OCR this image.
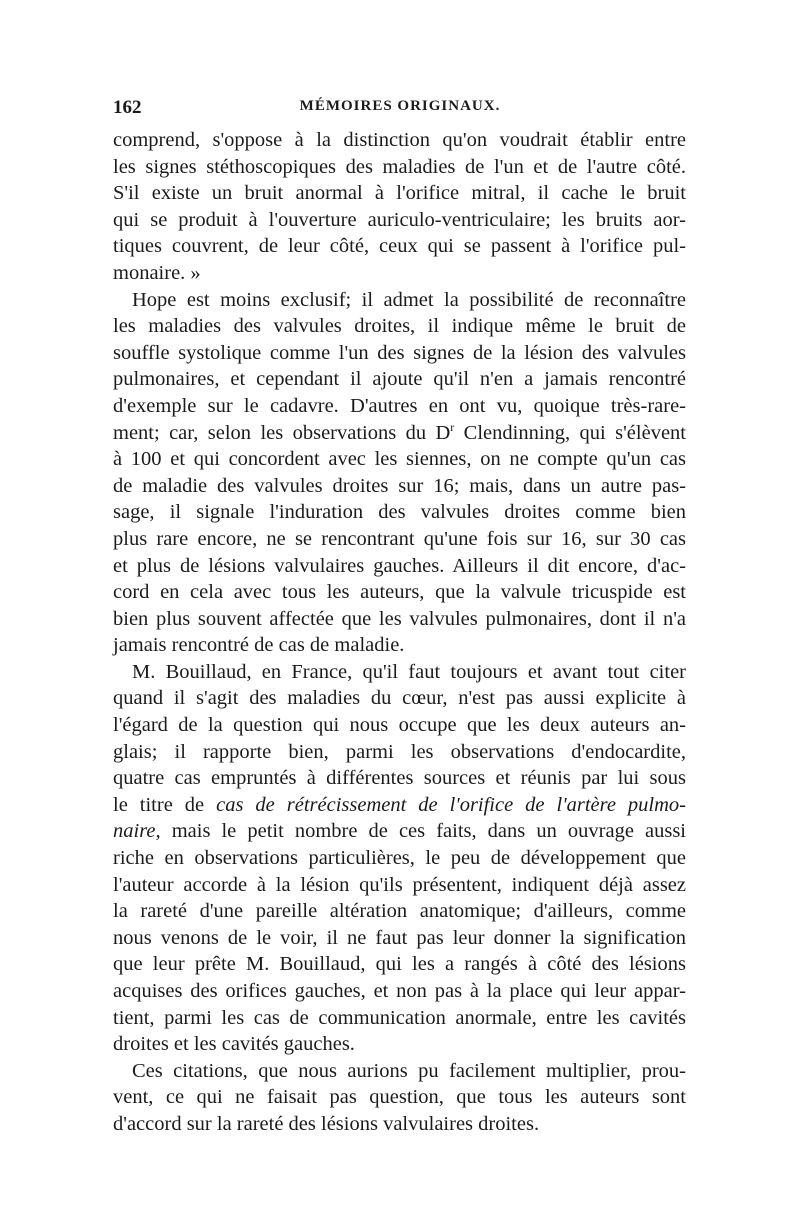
162	MÉMOIRES ORIGINAUX.
comprend, s'oppose à la distinction qu'on voudrait établir entre
les signes stéthoscopiques des maladies de l'un et de l'autre côté.
S'il existe un bruit anormal à l'orifice mitral, il cache le bruit
qui se produit à l'ouverture auriculo-ventriculaire; les bruits aor-
tiques couvrent, de leur côté, ceux qui se passent à l'orifice pul-
monaire. »
Hope est moins exclusif; il admet la possibilité de reconnaître
les maladies des valvules droites, il indique même le bruit de
souffle systolique comme l'un des signes de la lésion des valvules
pulmonaires, et cependant il ajoute qu'il n'en a jamais rencontré
d'exemple sur le cadavre. D'autres en ont vu, quoique très-rare-
ment; car, selon les observations du $D^r$ Clendinning, qui s'élèvent
à 100 et qui concordent avec les siennes, on ne compte qu'un cas
de maladie des valvules droites sur 16; mais, dans un autre pas-
sage, il signale l'induration des valvules droites comme bien
plus rare encore, ne se rencontrant qu'une fois sur 16, sur 30 cas
et plus de lésions valvulaires gauches. Ailleurs il dit encore, d'ac-
cord en cela avec tous les auteurs, que la valvule tricuspide est
bien plus souvent affectée que les valvules pulmonaires, dont il n'a
jamais rencontré de cas de maladie.
M. Bouillaud, en France, qu'il faut toujours et avant tout citer
quand il s'agit des maladies du cœur, n'est pas aussi explicite à
l'égard de la question qui nous occupe que les deux auteurs an-
glais; il rapporte bien, parmi les observations d'endocardite,
quatre cas empruntés à différentes sources et réunis par lui sous
le titre de cas de rétrécissement de l'orifice de l'artère pulmo-
naire, mais le petit nombre de ces faits, dans un ouvrage aussi
riche en observations particulières, le peu de développement que
l'auteur accorde à la lésion qu'ils présentent, indiquent déjà assez
la rareté d'une pareille altération anatomique; d'ailleurs, comme
nous venons de le voir, il ne faut pas leur donner la signification
que leur prête M. Bouillaud, qui les a rangés à côté des lésions
acquises des orifices gauches, et non pas à la place qui leur appar-
tient, parmi les cas de communication anormale, entre les cavités
droites et les cavités gauches.
Ces citations, que nous aurions pu facilement multiplier, prou-
vent, ce qui ne faisait pas question, que tous les auteurs sont
d'accord sur la rareté des lésions valvulaires droites.
